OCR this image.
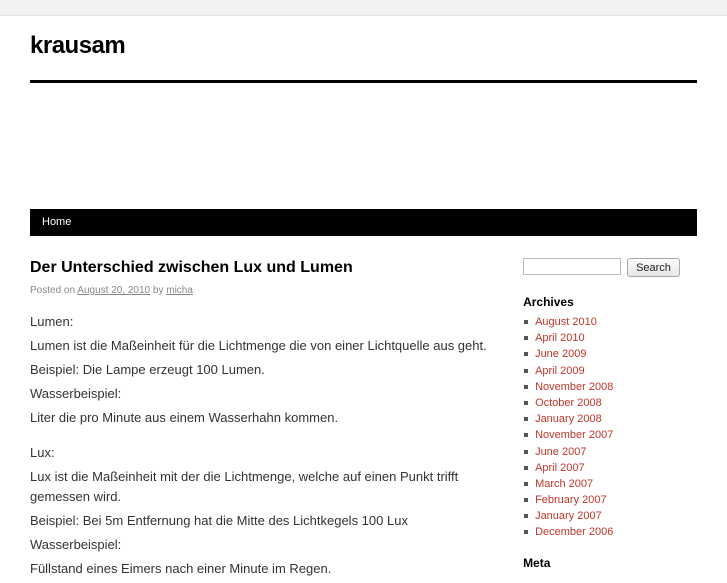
krausam
Home
Der Unterschied zwischen Lux und Lumen
Posted on August 20, 2010 by micha

Lumen:

Lumen ist die Maßeinheit für die Lichtmenge die von einer Lichtquelle aus geht.

Beispiel: Die Lampe erzeugt 100 Lumen.

Wasserbeispiel:

Liter die pro Minute aus einem Wasserhahn kommen.

Lux:

Lux ist die Maßeinheit mit der die Lichtmenge, welche auf einen Punkt trifft gemessen wird.

Beispiel: Bei 5m Entfernung hat die Mitte des Lichtkegels 100 Lux

Wasserbeispiel:

Füllstand eines Eimers nach einer Minute im Regen.

Search
Archives
August 2010
April 2010
June 2009
April 2009
November 2008
October 2008
January 2008
November 2007
June 2007
April 2007
March 2007
February 2007
January 2007
December 2006
Meta
